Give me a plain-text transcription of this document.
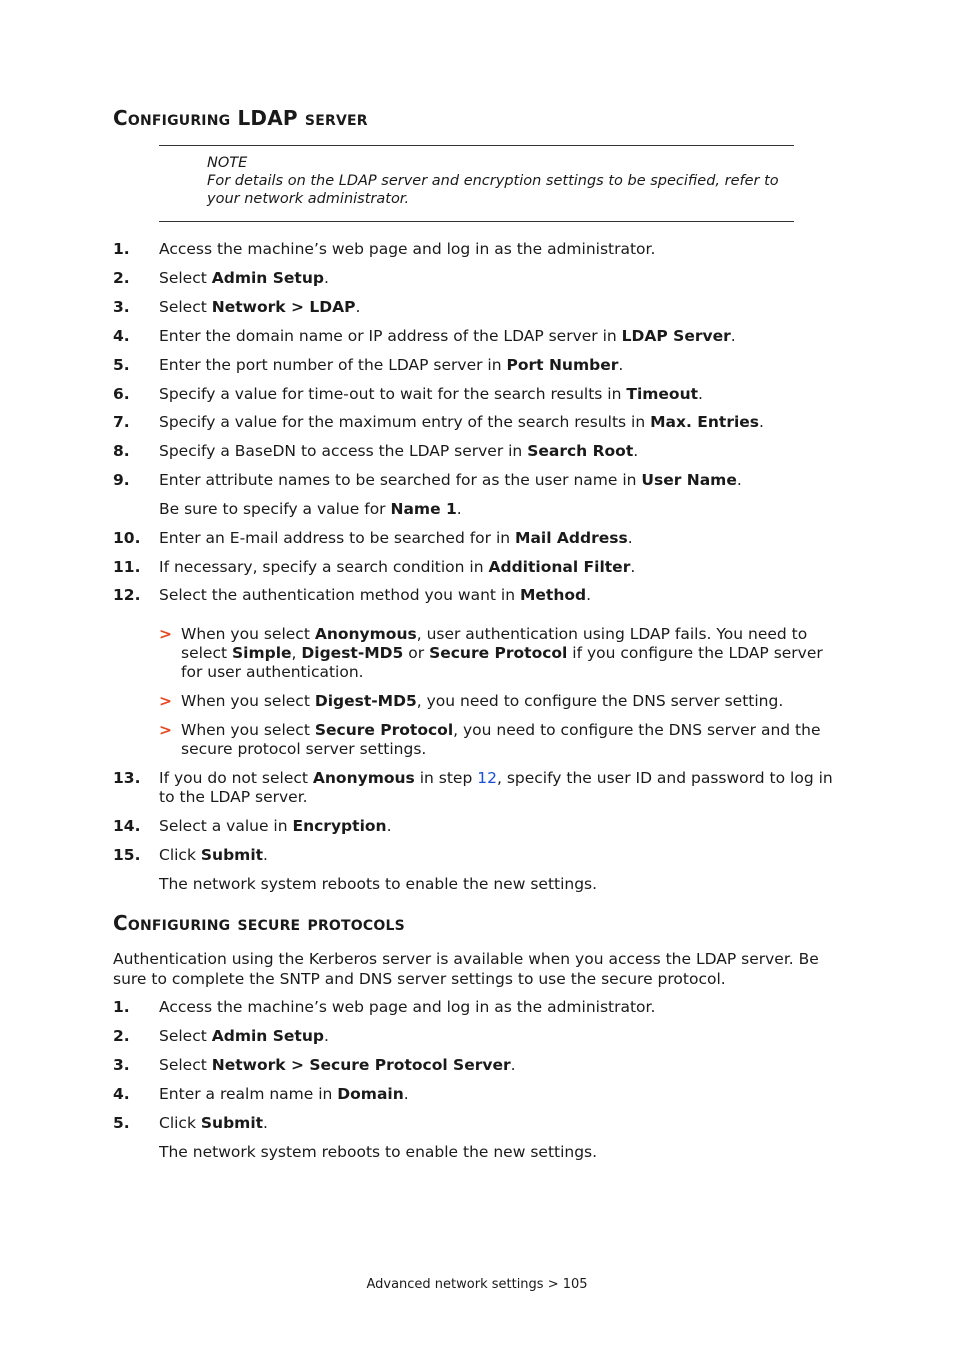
Configuring LDAP server
NOTE
For details on the LDAP server and encryption settings to be specified, refer to your network administrator.
1. Access the machine’s web page and log in as the administrator.
2. Select Admin Setup.
3. Select Network > LDAP.
4. Enter the domain name or IP address of the LDAP server in LDAP Server.
5. Enter the port number of the LDAP server in Port Number.
6. Specify a value for time-out to wait for the search results in Timeout.
7. Specify a value for the maximum entry of the search results in Max. Entries.
8. Specify a BaseDN to access the LDAP server in Search Root.
9. Enter attribute names to be searched for as the user name in User Name.
Be sure to specify a value for Name 1.
10. Enter an E-mail address to be searched for in Mail Address.
11. If necessary, specify a search condition in Additional Filter.
12. Select the authentication method you want in Method.
> When you select Anonymous, user authentication using LDAP fails. You need to select Simple, Digest-MD5 or Secure Protocol if you configure the LDAP server for user authentication.
> When you select Digest-MD5, you need to configure the DNS server setting.
> When you select Secure Protocol, you need to configure the DNS server and the secure protocol server settings.
13. If you do not select Anonymous in step 12, specify the user ID and password to log in to the LDAP server.
14. Select a value in Encryption.
15. Click Submit.
The network system reboots to enable the new settings.
Configuring secure protocols
Authentication using the Kerberos server is available when you access the LDAP server. Be sure to complete the SNTP and DNS server settings to use the secure protocol.
1. Access the machine’s web page and log in as the administrator.
2. Select Admin Setup.
3. Select Network > Secure Protocol Server.
4. Enter a realm name in Domain.
5. Click Submit.
The network system reboots to enable the new settings.
Advanced network settings > 105
